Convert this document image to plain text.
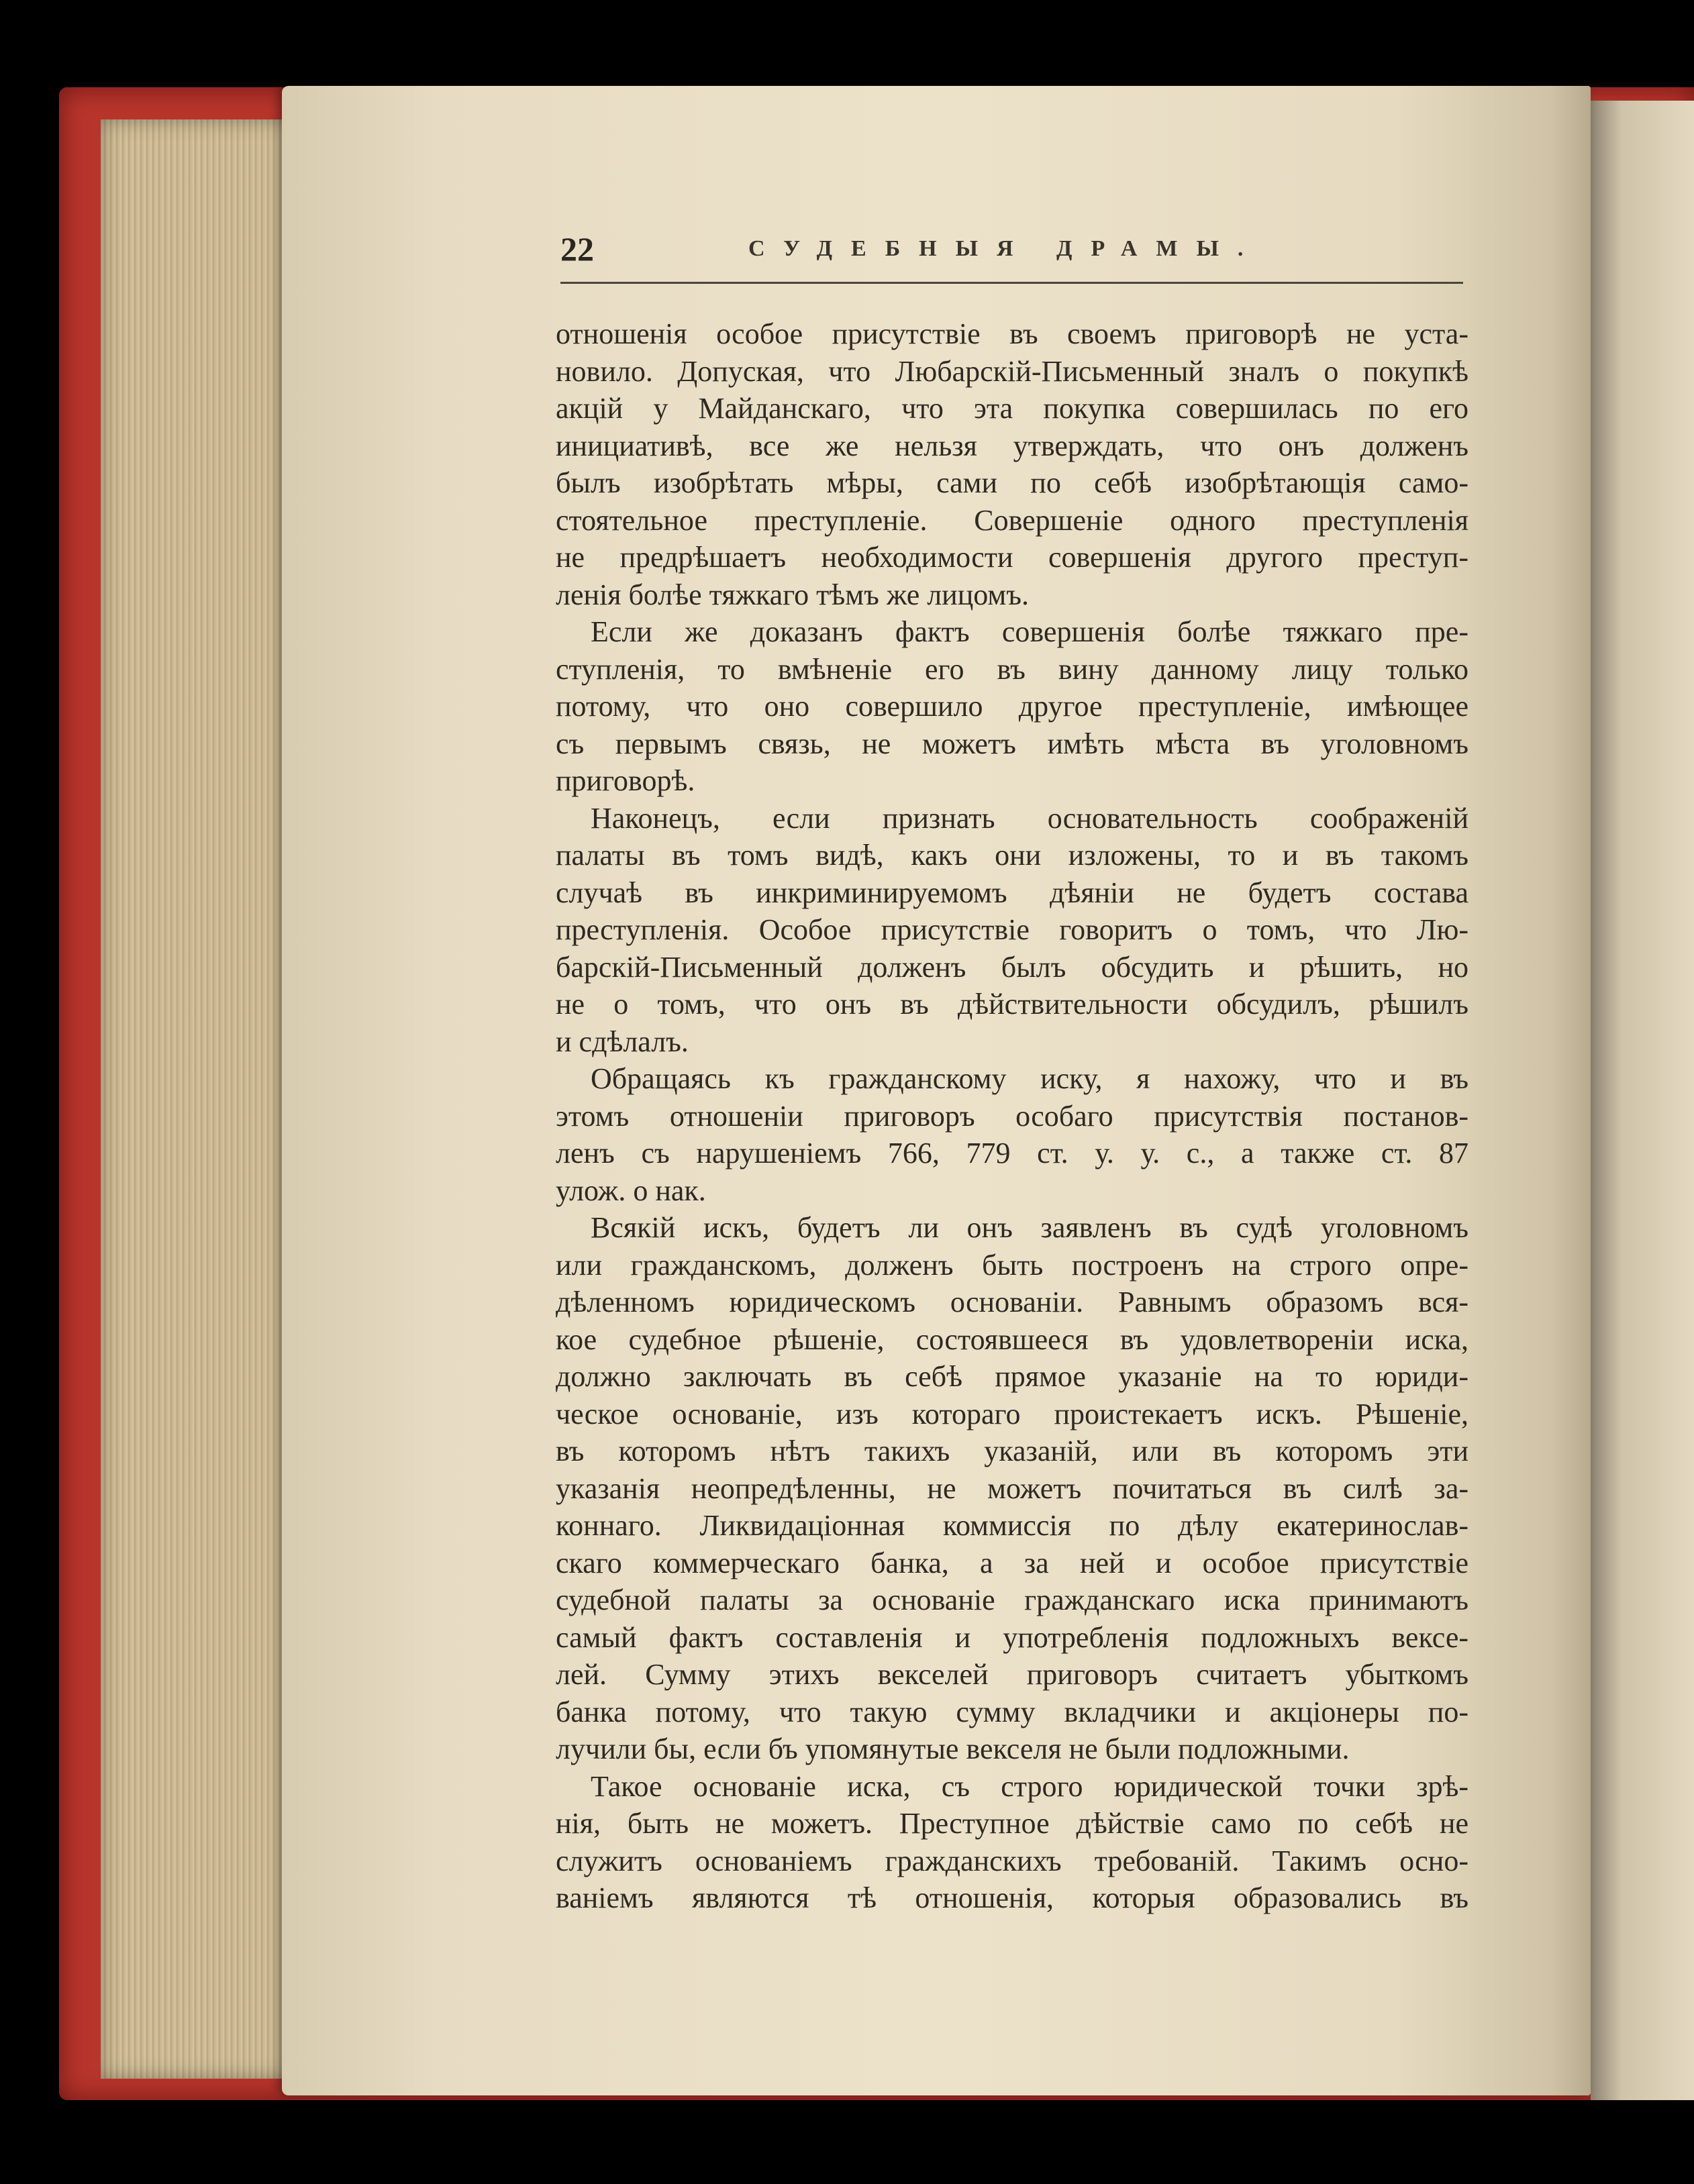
22	СУДЕБНЫЯ ДРАМЫ.
отношенія особое присутствіе въ своемъ приговорѣ не уста-
новило. Допуская, что Любарскій-Письменный зналъ о покупкѣ
акцій у Майданскаго, что эта покупка совершилась по его
инициативѣ, все же нельзя утверждать, что онъ долженъ
былъ изобрѣтать мѣры, сами по себѣ изобрѣтающія само-
стоятельное преступленіе. Совершеніе одного преступленія
не предрѣшаетъ необходимости совершенія другого преступ-
ленія болѣе тяжкаго тѣмъ же лицомъ.
Если же доказанъ фактъ совершенія болѣе тяжкаго пре-
ступленія, то вмѣненіе его въ вину данному лицу только
потому, что оно совершило другое преступленіе, имѣющее
съ первымъ связь, не можетъ имѣть мѣста въ уголовномъ
приговорѣ.
Наконецъ, если признать основательность соображеній
палаты въ томъ видѣ, какъ они изложены, то и въ такомъ
случаѣ въ инкриминируемомъ дѣяніи не будетъ состава
преступленія. Особое присутствіе говоритъ о томъ, что Лю-
барскій-Письменный долженъ былъ обсудить и рѣшить, но
не о томъ, что онъ въ дѣйствительности обсудилъ, рѣшилъ
и сдѣлалъ.
Обращаясь къ гражданскому иску, я нахожу, что и въ
этомъ отношеніи приговоръ особаго присутствія постанов-
ленъ съ нарушеніемъ 766, 779 ст. у. у. с., а также ст. 87
улож. о нак.
Всякій искъ, будетъ ли онъ заявленъ въ судѣ уголовномъ
или гражданскомъ, долженъ быть построенъ на строго опре-
дѣленномъ юридическомъ основаніи. Равнымъ образомъ вся-
кое судебное рѣшеніе, состоявшееся въ удовлетвореніи иска,
должно заключать въ себѣ прямое указаніе на то юриди-
ческое основаніе, изъ котораго проистекаетъ искъ. Рѣшеніе,
въ которомъ нѣтъ такихъ указаній, или въ которомъ эти
указанія неопредѣленны, не можетъ почитаться въ силѣ за-
коннаго. Ликвидаціонная коммиссія по дѣлу екатеринослав-
скаго коммерческаго банка, а за ней и особое присутствіе
судебной палаты за основаніе гражданскаго иска принимаютъ
самый фактъ составленія и употребленія подложныхъ вексе-
лей. Сумму этихъ векселей приговоръ считаетъ убыткомъ
банка потому, что такую сумму вкладчики и акціонеры по-
лучили бы, если бъ упомянутые векселя не были подложными.
Такое основаніе иска, съ строго юридической точки зрѣ-
нія, быть не можетъ. Преступное дѣйствіе само по себѣ не
служитъ основаніемъ гражданскихъ требованій. Такимъ осно-
ваніемъ являются тѣ отношенія, которыя образовались въ
